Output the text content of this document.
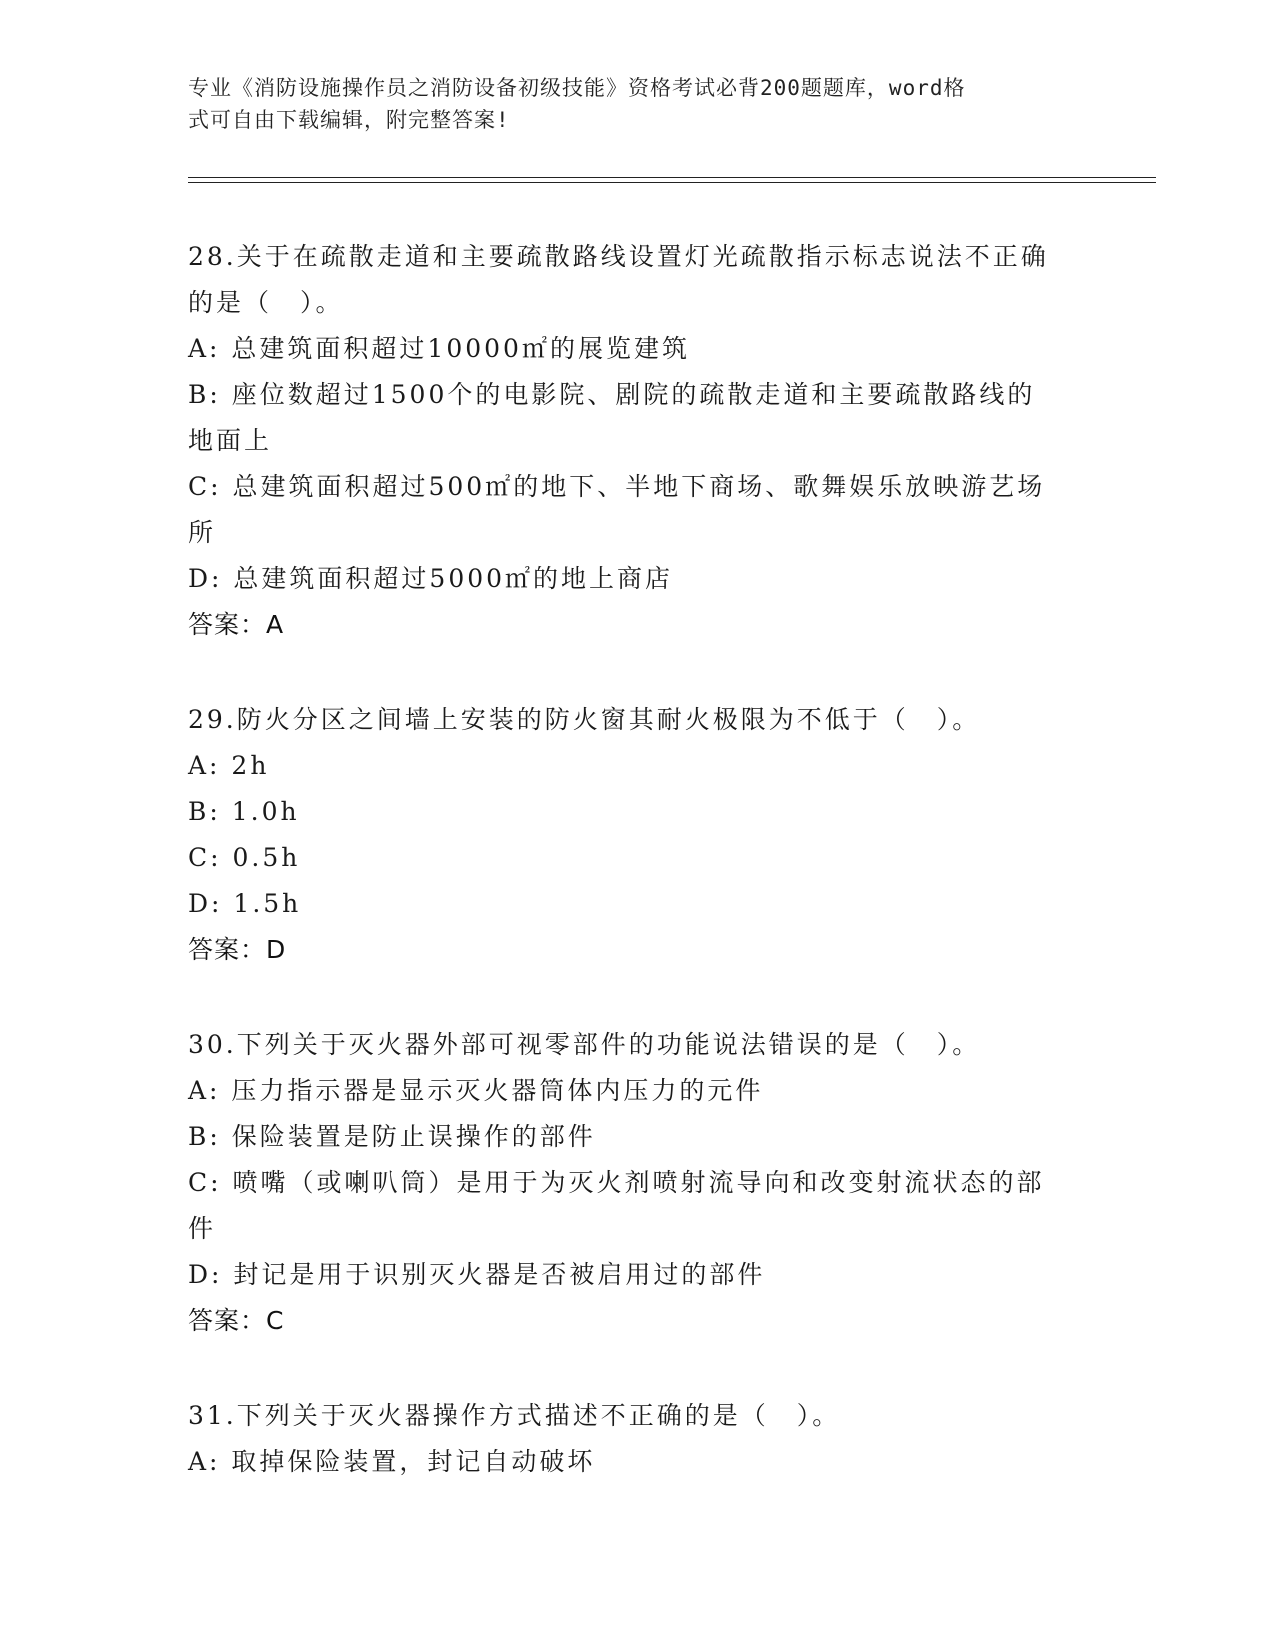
专业《消防设施操作员之消防设备初级技能》资格考试必背200题题库，word格
式可自由下载编辑，附完整答案!
28.关于在疏散走道和主要疏散路线设置灯光疏散指示标志说法不正确
的是（　）。
A: 总建筑面积超过10000㎡的展览建筑
B: 座位数超过1500个的电影院、剧院的疏散走道和主要疏散路线的
地面上
C: 总建筑面积超过500㎡的地下、半地下商场、歌舞娱乐放映游艺场
所
D: 总建筑面积超过5000㎡的地上商店
答案：A
29.防火分区之间墙上安装的防火窗其耐火极限为不低于（　）。
A: 2h
B: 1.0h
C: 0.5h
D: 1.5h
答案：D
30.下列关于灭火器外部可视零部件的功能说法错误的是（　）。
A: 压力指示器是显示灭火器筒体内压力的元件
B: 保险装置是防止误操作的部件
C: 喷嘴（或喇叭筒）是用于为灭火剂喷射流导向和改变射流状态的部
件
D: 封记是用于识别灭火器是否被启用过的部件
答案：C
31.下列关于灭火器操作方式描述不正确的是（　）。
A: 取掉保险装置，封记自动破坏
